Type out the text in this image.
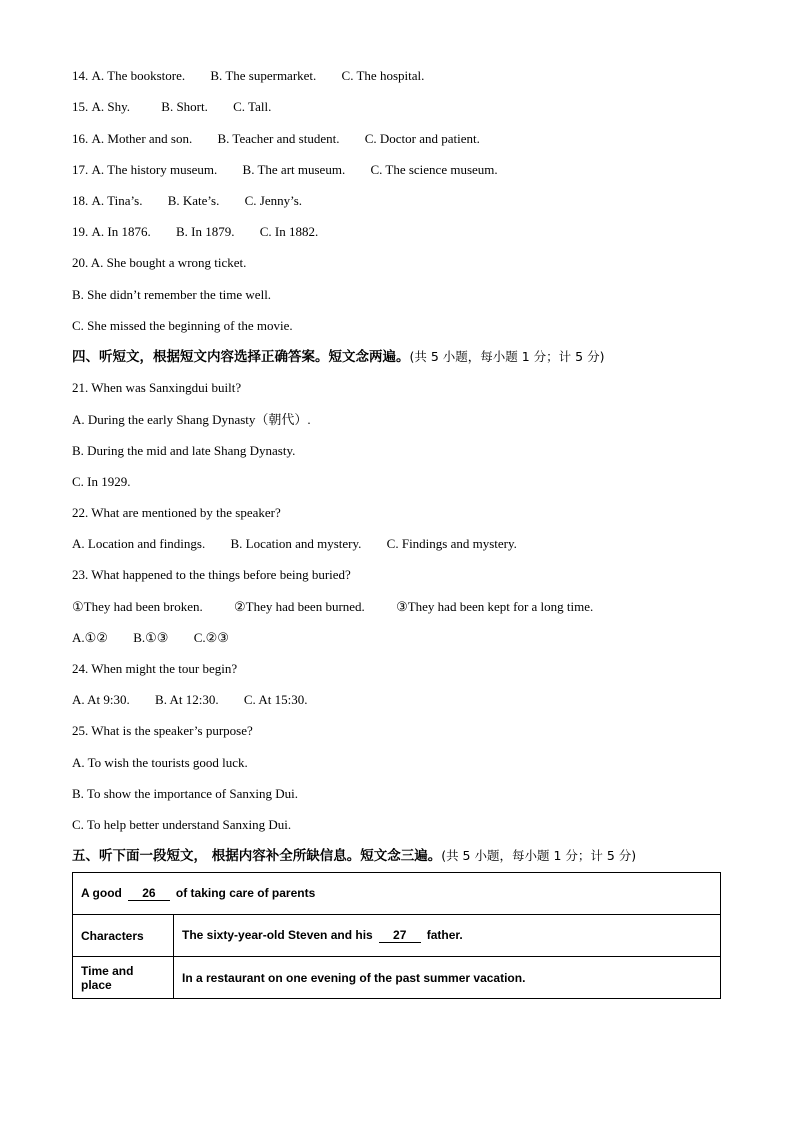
14. A. The bookstore. B. The supermarket. C. The hospital.
15. A. Shy. B. Short. C. Tall.
16. A. Mother and son. B. Teacher and student. C. Doctor and patient.
17. A. The history museum. B. The art museum. C. The science museum.
18. A. Tina’s. B. Kate’s. C. Jenny’s.
19. A. In 1876. B. In 1879. C. In 1882.
20. A. She bought a wrong ticket.
B. She didn’t remember the time well.
C. She missed the beginning of the movie.
四、听短文，根据短文内容选择正确答案。短文念两遍。(共 5 小题，每小题 1 分；计 5 分)
21. When was Sanxingdui built?
A. During the early Shang Dynasty（朝代）.
B. During the mid and late Shang Dynasty.
C. In 1929.
22. What are mentioned by the speaker?
A. Location and findings. B. Location and mystery. C. Findings and mystery.
23. What happened to the things before being buried?
①They had been broken. ②They had been burned. ③They had been kept for a long time.
A.①② B.①③ C.②③
24. When might the tour begin?
A. At 9:30. B. At 12:30. C. At 15:30.
25. What is the speaker’s purpose?
A. To wish the tourists good luck.
B. To show the importance of Sanxing Dui.
C. To help better understand Sanxing Dui.
五、听下面一段短文， 根据内容补全所缺信息。短文念三遍。(共 5 小题，每小题 1 分；计 5 分)
A good 26 of taking care of parents	
Characters	The sixty-year-old Steven and his 27 father.
Time and place	In a restaurant on one evening of the past summer vacation.
